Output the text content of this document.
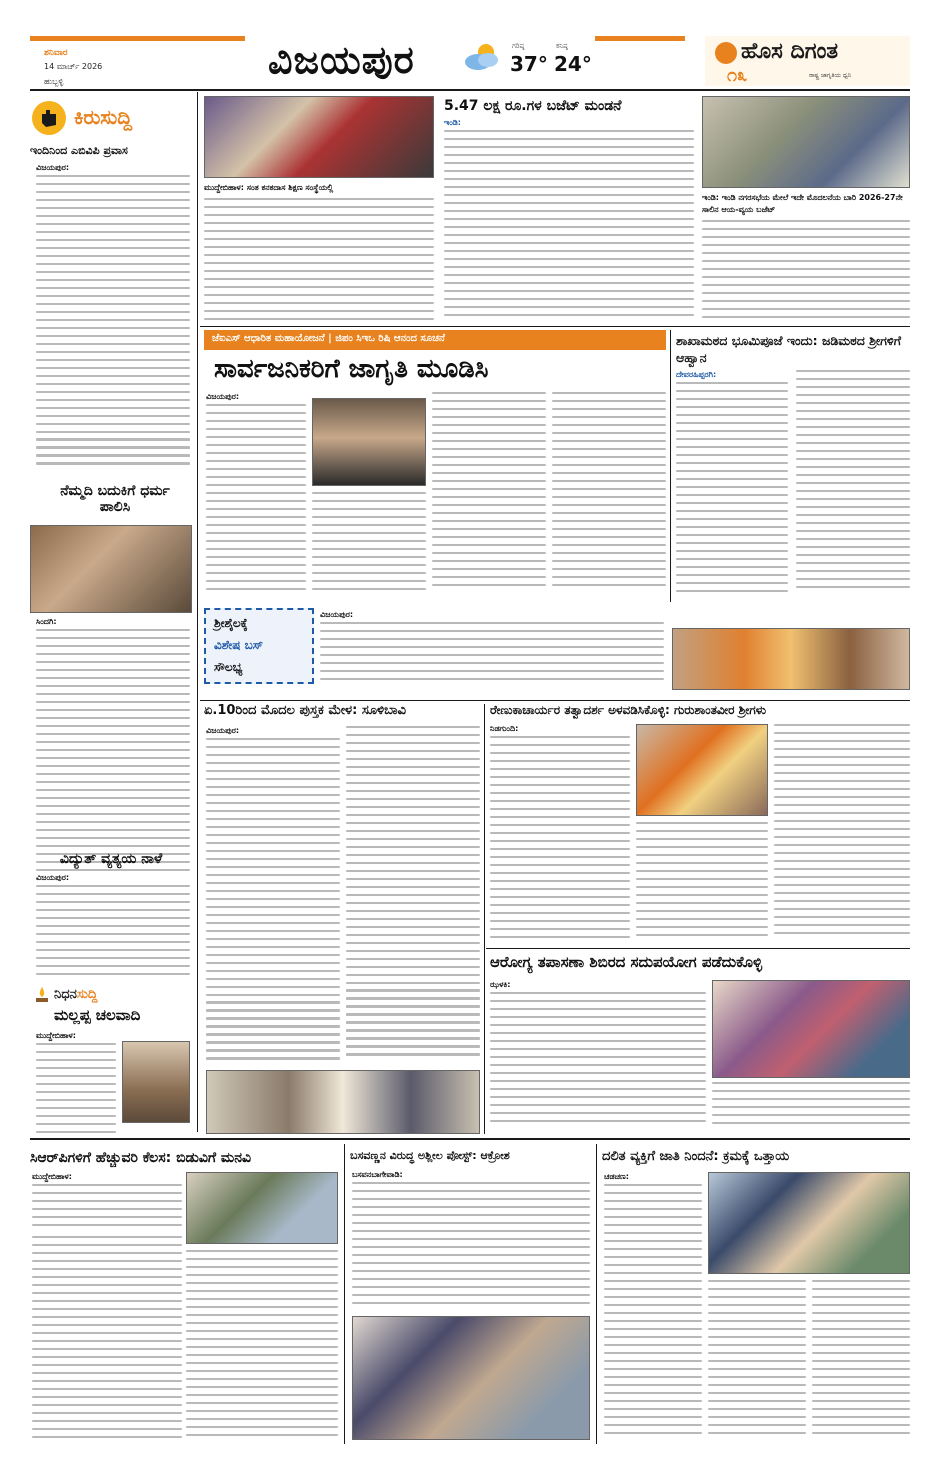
ಶನಿವಾರ
14 ಮಾರ್ಚ್ 2026
ಹುಬ್ಬಳ್ಳಿ	ವಿಜಯಪುರ	ಗರಿಷ್ಠ
37°
ಕನಿಷ್ಠ
24°	ಹೊಸ ದಿಗಂತ
೧೩	ರಾಷ್ಟ್ರ ಜಾಗೃತಿಯ ಧ್ವನಿ
ಕಿರುಸುದ್ದಿ
ಇಂದಿನಿಂದ ಎಬಿವಿಪಿ ಪ್ರವಾಸ
ವಿಜಯಪುರ:
ನೆಮ್ಮದಿ ಬದುಕಿಗೆ ಧರ್ಮ ಪಾಲಿಸಿ
ಸಿಂದಗಿ:
ವಿದ್ಯುತ್ ವ್ಯತ್ಯಯ ನಾಳೆ
ವಿಜಯಪುರ:
ನಿಧನಸುದ್ದಿ
ಮಲ್ಲಪ್ಪ ಚಲವಾದಿ
ಮುದ್ದೇಬಿಹಾಳ:
ಮುದ್ದೇಬಿಹಾಳ: ಸಂತ ಕನಕದಾಸ ಶಿಕ್ಷಣ ಸಂಸ್ಥೆಯಲ್ಲಿ
5.47 ಲಕ್ಷ ರೂ.ಗಳ ಬಜೆಟ್ ಮಂಡನೆ
ಇಂಡಿ:
ಇಂಡಿ: ಇಂಡಿ ನಗರಸಭೆಯ ಮೇಲೆ ಇದೇ ಮೊದಲನೆಯ ಬಾರಿ 2026-27ನೇ ಸಾಲಿನ ಆಯ-ವ್ಯಯ ಬಜೆಟ್
ಜೆಐಎಸ್ ಆಧಾರಿತ ಮಹಾಯೋಜನೆ | ಜಿಪಂ ಸಿಇಒ ರಿಷಿ ಆನಂದ ಸೂಚನೆ
ಸಾರ್ವಜನಿಕರಿಗೆ ಜಾಗೃತಿ ಮೂಡಿಸಿ
ವಿಜಯಪುರ:
ಶಾಖಾಮಠದ ಭೂಮಿಪೂಜೆ ಇಂದು: ಜಡಿಮಠದ ಶ್ರೀಗಳಿಗೆ ಆಹ್ವಾನ
ದೇವರಹಿಪ್ಪರಗಿ:
ಶ್ರೀಶೈಲಕ್ಕೆ
ವಿಶೇಷ ಬಸ್
ಸೌಲಭ್ಯ
ವಿಜಯಪುರ:
ಏ.10ರಿಂದ ಮೊದಲ ಪುಸ್ತಕ ಮೇಳ: ಸೂಳಿಬಾವಿ
ವಿಜಯಪುರ:
ರೇಣುಕಾಚಾರ್ಯರ ತತ್ವಾದರ್ಶ ಅಳವಡಿಸಿಕೊಳ್ಳಿ: ಗುರುಶಾಂತವೀರ ಶ್ರೀಗಳು
ನಿಡಗುಂದಿ:
ಆರೋಗ್ಯ ತಪಾಸಣಾ ಶಿಬಿರದ ಸದುಪಯೋಗ ಪಡೆದುಕೊಳ್ಳಿ
ಝಳಕಿ:
ಸಿಆರ್‌ಪಿಗಳಿಗೆ ಹೆಚ್ಚುವರಿ ಕೆಲಸ: ಬಿಡುವಿಗೆ ಮನವಿ
ಮುದ್ದೇಬಿಹಾಳ:
ಬಸವಣ್ಣನ ವಿರುದ್ಧ ಅಶ್ಲೀಲ ಪೋಸ್ಟ್: ಆಕ್ರೋಶ
ಬಸವನಬಾಗೇವಾಡಿ:
ದಲಿತ ವ್ಯಕ್ತಿಗೆ ಜಾತಿ ನಿಂದನೆ: ಕ್ರಮಕ್ಕೆ ಒತ್ತಾಯ
ಚಡಚಣ:
